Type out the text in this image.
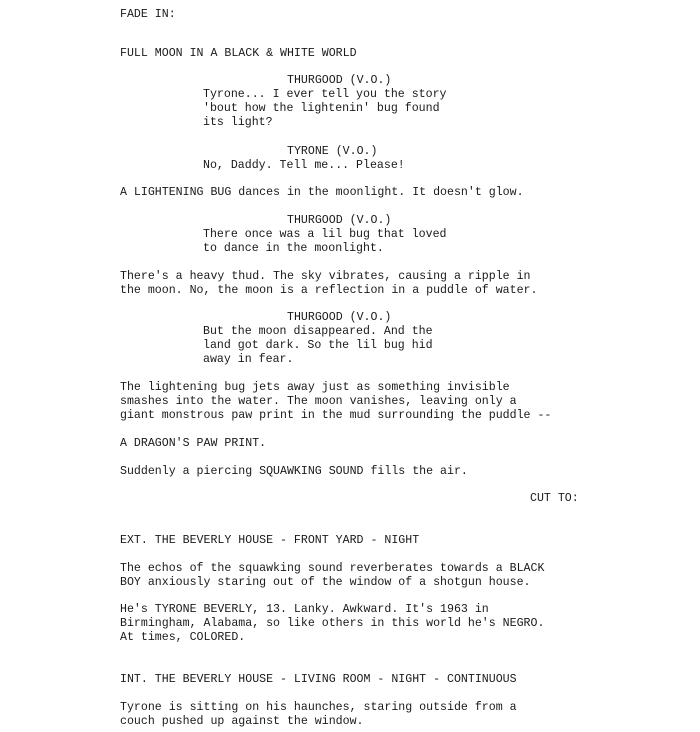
FADE IN:

FULL MOON IN A BLACK & WHITE WORLD

THURGOOD (V.O.)

Tyrone... I ever tell you the story

'bout how the lightenin' bug found

its light?

TYRONE (V.O.)

No, Daddy. Tell me... Please!

A LIGHTENING BUG dances in the moonlight. It doesn't glow.

THURGOOD (V.O.)

There once was a lil bug that loved

to dance in the moonlight.

There's a heavy thud. The sky vibrates, causing a ripple in

the moon. No, the moon is a reflection in a puddle of water.

THURGOOD (V.O.)

But the moon disappeared. And the

land got dark. So the lil bug hid

away in fear.

The lightening bug jets away just as something invisible

smashes into the water. The moon vanishes, leaving only a

giant monstrous paw print in the mud surrounding the puddle --

A DRAGON'S PAW PRINT.

Suddenly a piercing SQUAWKING SOUND fills the air.

CUT TO:

EXT. THE BEVERLY HOUSE - FRONT YARD - NIGHT

The echos of the squawking sound reverberates towards a BLACK

BOY anxiously staring out of the window of a shotgun house.

He's TYRONE BEVERLY, 13. Lanky. Awkward. It's 1963 in

Birmingham, Alabama, so like others in this world he's NEGRO.

At times, COLORED.

INT. THE BEVERLY HOUSE - LIVING ROOM - NIGHT - CONTINUOUS

Tyrone is sitting on his haunches, staring outside from a

couch pushed up against the window.
